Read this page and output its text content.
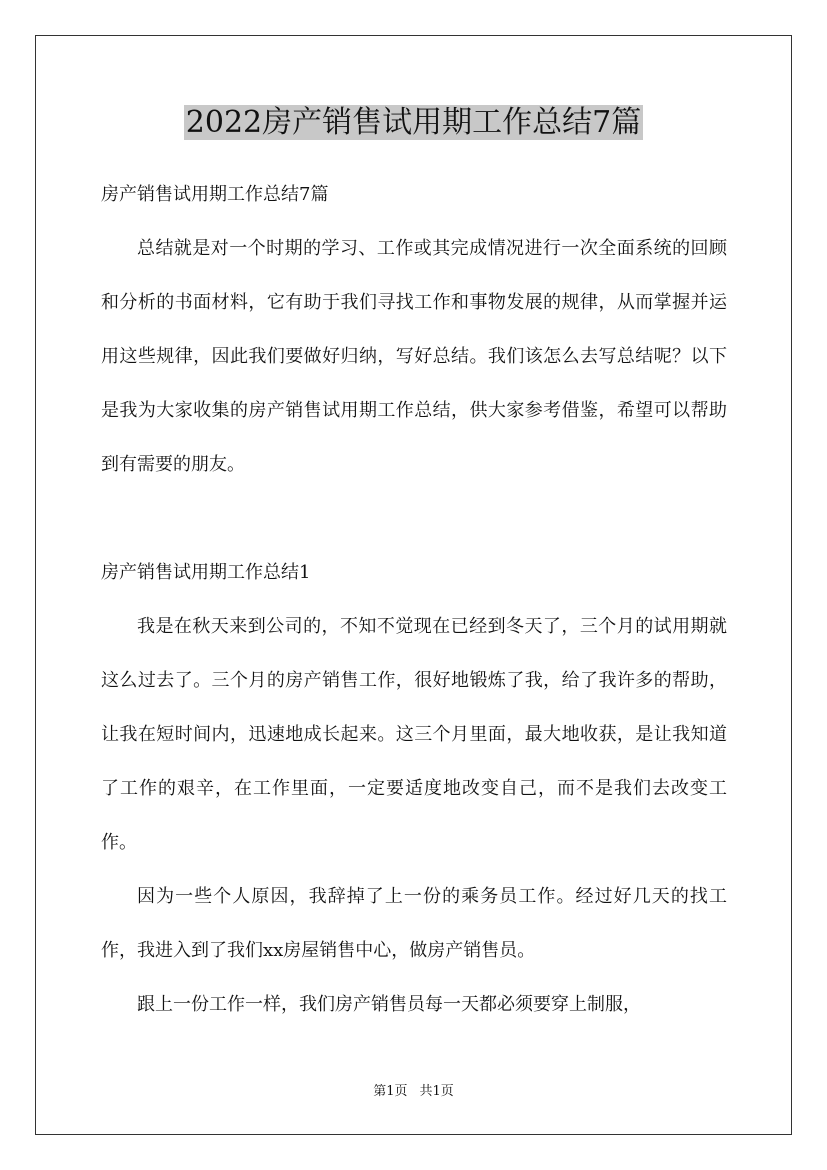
2022房产销售试用期工作总结7篇

房产销售试用期工作总结7篇

总结就是对一个时期的学习、工作或其完成情况进行一次全面系统的回顾和分析的书面材料，它有助于我们寻找工作和事物发展的规律，从而掌握并运用这些规律，因此我们要做好归纳，写好总结。我们该怎么去写总结呢？以下是我为大家收集的房产销售试用期工作总结，供大家参考借鉴，希望可以帮助到有需要的朋友。

房产销售试用期工作总结1

我是在秋天来到公司的，不知不觉现在已经到冬天了，三个月的试用期就这么过去了。三个月的房产销售工作，很好地锻炼了我，给了我许多的帮助，让我在短时间内，迅速地成长起来。这三个月里面，最大地收获，是让我知道了工作的艰辛，在工作里面，一定要适度地改变自己，而不是我们去改变工作。

因为一些个人原因，我辞掉了上一份的乘务员工作。经过好几天的找工作，我进入到了我们xx房屋销售中心，做房产销售员。

跟上一份工作一样，我们房产销售员每一天都必须要穿上制服，

第1页 共1页
